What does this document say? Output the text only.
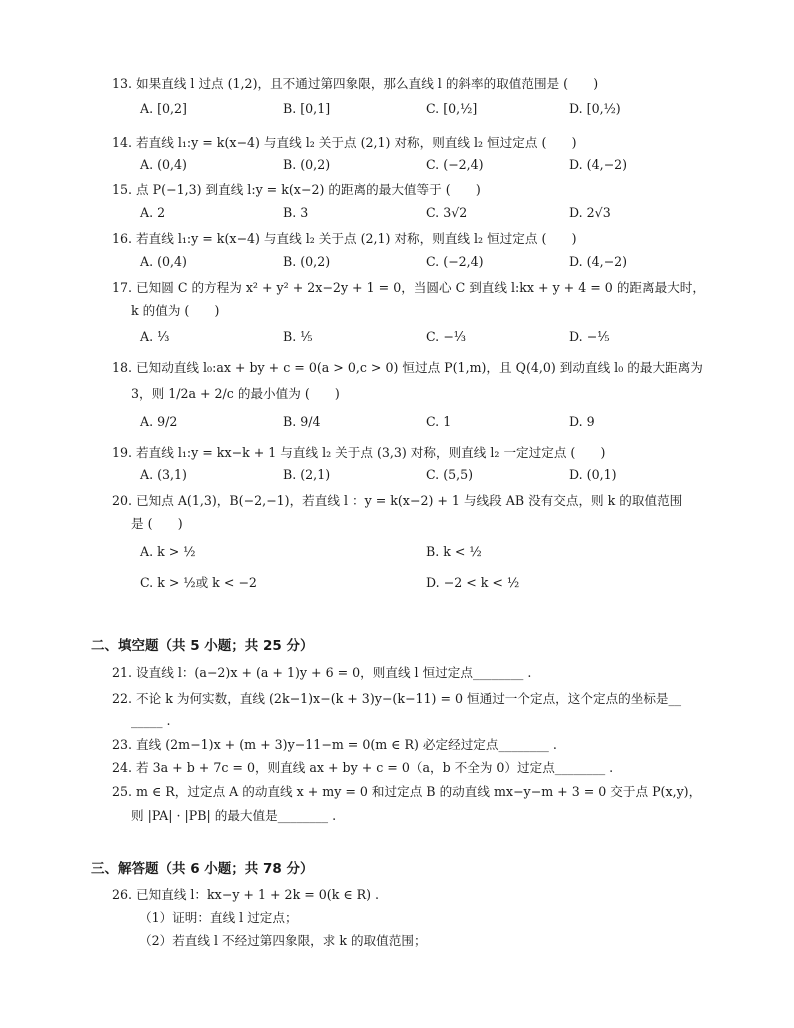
13. 如果直线 l 过点 (1,2)，且不通过第四象限，那么直线 l 的斜率的取值范围是 (　　)
A. [0,2]	B. [0,1]	C. [0,½]	D. [0,½)
14. 若直线 l₁:y = k(x−4) 与直线 l₂ 关于点 (2,1) 对称，则直线 l₂ 恒过定点 (　　)
A. (0,4)	B. (0,2)	C. (−2,4)	D. (4,−2)
15. 点 P(−1,3) 到直线 l:y = k(x−2) 的距离的最大值等于 (　　)
A. 2	B. 3	C. 3√2	D. 2√3
16. 若直线 l₁:y = k(x−4) 与直线 l₂ 关于点 (2,1) 对称，则直线 l₂ 恒过定点 (　　)
A. (0,4)	B. (0,2)	C. (−2,4)	D. (4,−2)
17. 已知圆 C 的方程为 x² + y² + 2x−2y + 1 = 0，当圆心 C 到直线 l:kx + y + 4 = 0 的距离最大时，
k 的值为 (　　)
A. ⅓	B. ⅕	C. −⅓	D. −⅕
18. 已知动直线 l₀:ax + by + c = 0(a > 0,c > 0) 恒过点 P(1,m)，且 Q(4,0) 到动直线 l₀ 的最大距离为
3，则 1/2a + 2/c 的最小值为 (　　)
A. 9/2	B. 9/4	C. 1	D. 9
19. 若直线 l₁:y = kx−k + 1 与直线 l₂ 关于点 (3,3) 对称，则直线 l₂ 一定过定点 (　　)
A. (3,1)	B. (2,1)	C. (5,5)	D. (0,1)
20. 已知点 A(1,3)，B(−2,−1)，若直线 l ：y = k(x−2) + 1 与线段 AB 没有交点，则 k 的取值范围
是 (　　)
A. k > ½	B. k < ½
C. k > ½或 k < −2	D. −2 < k < ½
二、填空题（共 5 小题；共 25 分）
21. 设直线 l：(a−2)x + (a + 1)y + 6 = 0，则直线 l 恒过定点________ .
22. 不论 k 为何实数，直线 (2k−1)x−(k + 3)y−(k−11) = 0 恒通过一个定点，这个定点的坐标是__
_____ .
23. 直线 (2m−1)x + (m + 3)y−11−m = 0(m ∈ R) 必定经过定点________ .
24. 若 3a + b + 7c = 0，则直线 ax + by + c = 0（a，b 不全为 0）过定点________ .
25. m ∈ R，过定点 A 的动直线 x + my = 0 和过定点 B 的动直线 mx−y−m + 3 = 0 交于点 P(x,y)，
则 |PA| · |PB| 的最大值是________ .
三、解答题（共 6 小题；共 78 分）
26. 已知直线 l：kx−y + 1 + 2k = 0(k ∈ R) .
（1）证明：直线 l 过定点；
（2）若直线 l 不经过第四象限，求 k 的取值范围；
